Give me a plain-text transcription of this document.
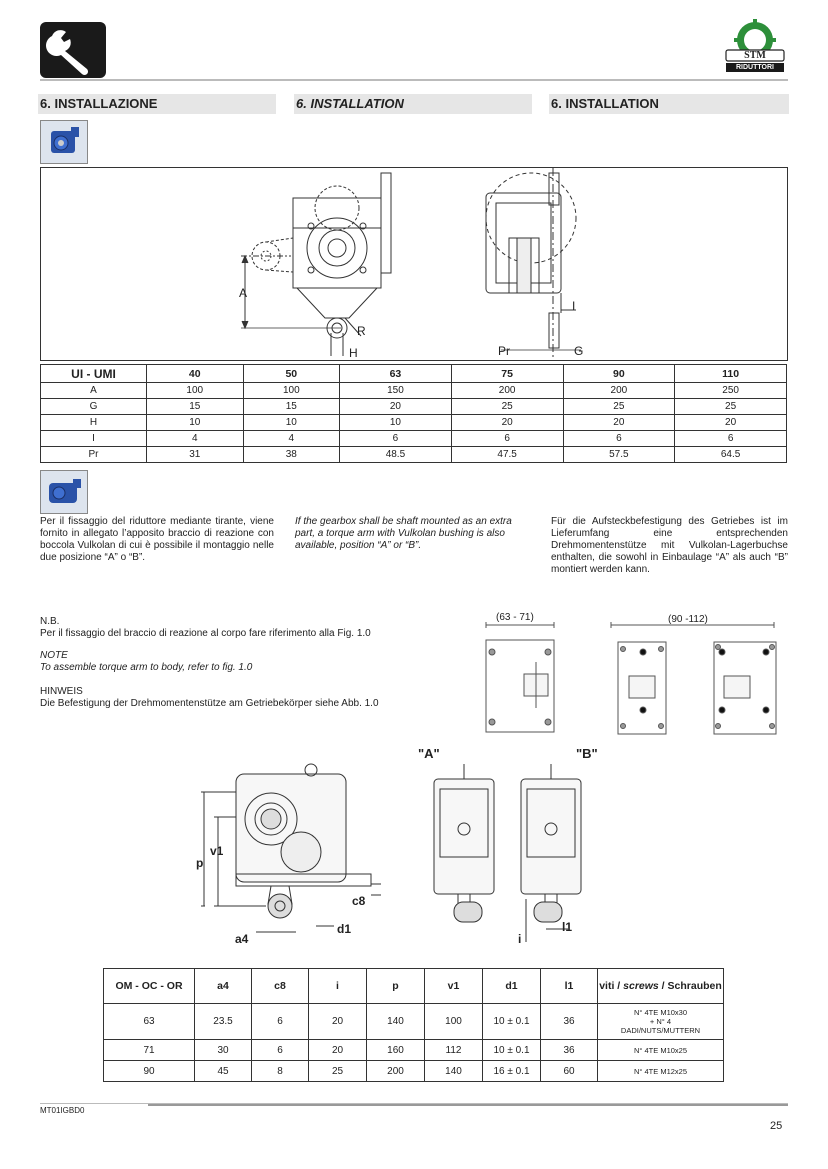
STM
RIDUTTORI
6. INSTALLAZIONE	6. INSTALLATION	6. INSTALLATION
A
R
H
I
Pr	G
UI - UMI	40	50	63	75	90	110
A	100	100	150	200	200	250
G	15	15	20	25	25	25
H	10	10	10	20	20	20
I	4	4	6	6	6	6
Pr	31	38	48.5	47.5	57.5	64.5
Per il fissaggio del riduttore mediante tirante, viene fornito in allegato l’apposito braccio di reazione con boccola Vulkolan di cui è possibile il montaggio nelle due posizione “A” o “B”.
If the gearbox shall be shaft mounted as an extra part, a torque arm with Vulkolan bushing is also available, position “A” or “B”.
Für die Aufsteckbefestigung des Getriebes ist im Lieferumfang eine entsprechenden Drehmomentenstütze mit Vulkolan-Lagerbuchse enthalten, die sowohl in Einbaulage “A” als auch “B” montiert werden kann.
N.B.
Per il fissaggio del braccio di reazione al corpo fare riferimento alla Fig. 1.0
NOTE
To assemble torque arm to body, refer to fig. 1.0
HINWEIS
Die Befestigung der Drehmomentenstütze am Getriebekörper siehe Abb. 1.0
(63 - 71)	(90 -112)
"A"	"B"
v1
p
c8
d1
a4	i
l1
OM - OC - OR	a4	c8	i	p	v1	d1	l1	viti / screws / Schrauben
63	23.5	6	20	140	100	10 ± 0.1	36	N° 4TE M10x30
+ N° 4
DADI/NUTS/MUTTERN

71	30	6	20	160	112	10 ± 0.1	36	N° 4TE M10x25

90	45	8	25	200	140	16 ± 0.1	60	N° 4TE M12x25
MT01IGBD0
25
